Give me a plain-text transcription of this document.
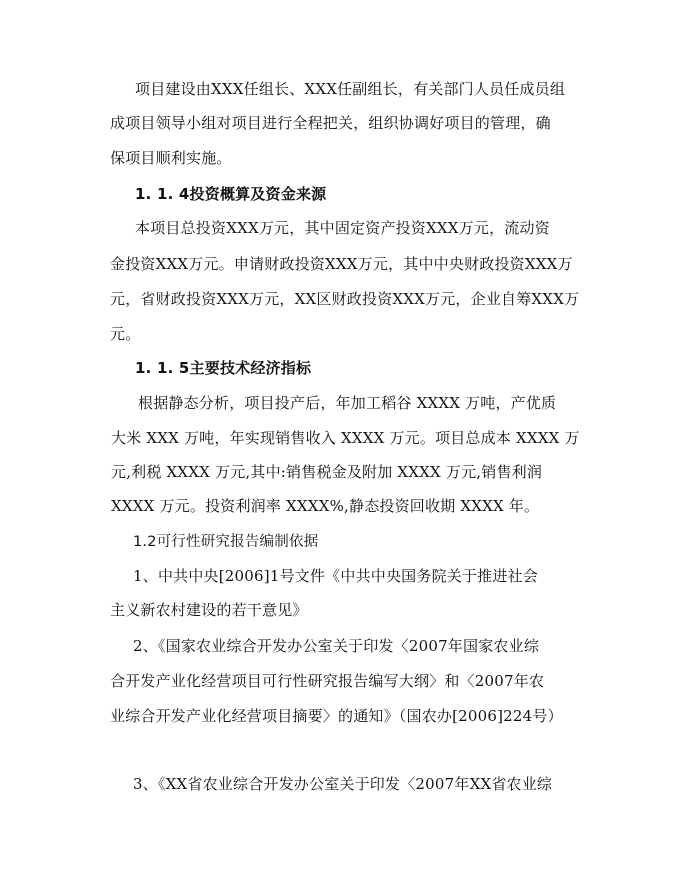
项目建设由XXX任组长、XXX任副组长，有关部门人员任成员组
成项目领导小组对项目进行全程把关，组织协调好项目的管理，确
保项目顺利实施。
1. 1. 4投资概算及资金来源
本项目总投资XXX万元，其中固定资产投资XXX万元，流动资
金投资XXX万元。申请财政投资XXX万元，其中中央财政投资XXX万
元，省财政投资XXX万元，XX区财政投资XXX万元，企业自筹XXX万
元。
1. 1. 5主要技术经济指标
根据静态分析，项目投产后，年加工稻谷 XXXX 万吨，产优质
大米 XXX 万吨，年实现销售收入 XXXX 万元。项目总成本 XXXX 万
元,利税 XXXX 万元,其中:销售税金及附加 XXXX 万元,销售利润
XXXX 万元。投资利润率 XXXX%,静态投资回收期 XXXX 年。
1.2可行性研究报告编制依据
1、中共中央[2006]1号文件《中共中央国务院关于推进社会
主义新农村建设的若干意见》
2、《国家农业综合开发办公室关于印发〈2007年国家农业综
合开发产业化经营项目可行性研究报告编写大纲〉和〈2007年农
业综合开发产业化经营项目摘要〉的通知》（国农办[2006]224号）
3、《XX省农业综合开发办公室关于印发〈2007年XX省农业综
